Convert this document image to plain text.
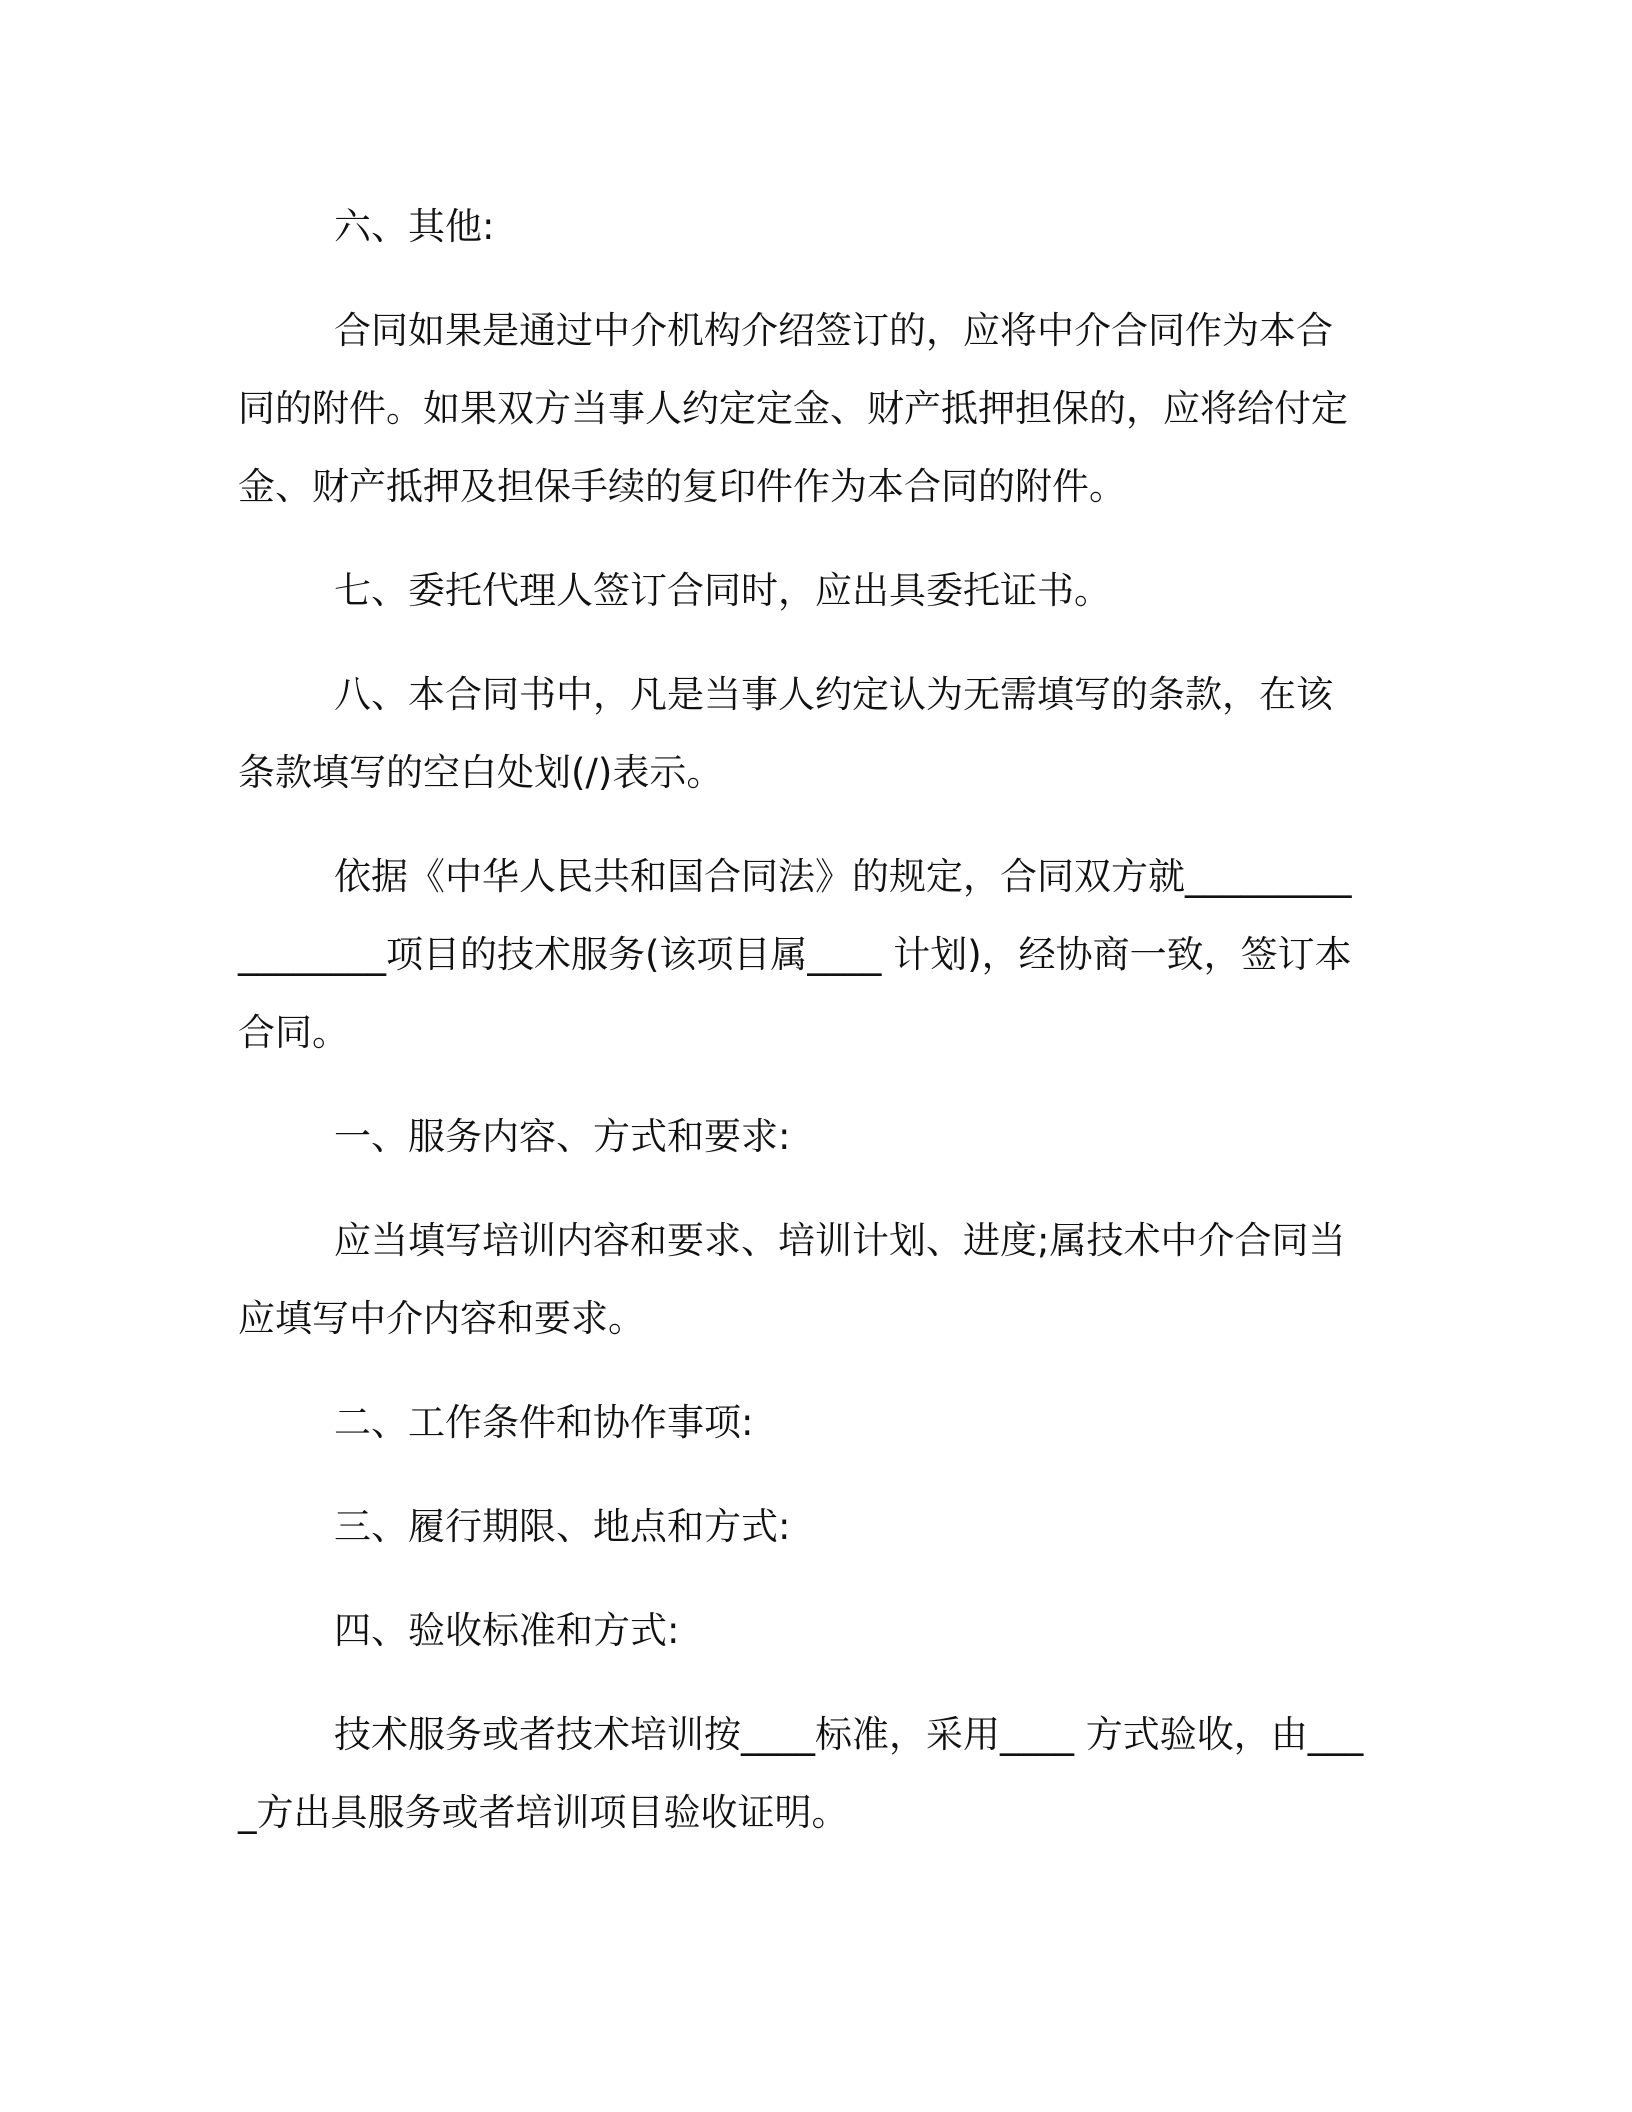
六、其他:

合同如果是通过中介机构介绍签订的，应将中介合同作为本合同的附件。如果双方当事人约定定金、财产抵押担保的，应将给付定金、财产抵押及担保手续的复印件作为本合同的附件。

七、委托代理人签订合同时，应出具委托证书。

八、本合同书中，凡是当事人约定认为无需填写的条款，在该条款填写的空白处划(/)表示。

依据《中华人民共和国合同法》的规定，合同双方就_________________项目的技术服务(该项目属____ 计划)，经协商一致，签订本合同。

一、服务内容、方式和要求:

应当填写培训内容和要求、培训计划、进度;属技术中介合同当应填写中介内容和要求。

二、工作条件和协作事项:

三、履行期限、地点和方式:

四、验收标准和方式:

技术服务或者技术培训按____标准，采用____ 方式验收，由____方出具服务或者培训项目验收证明。
